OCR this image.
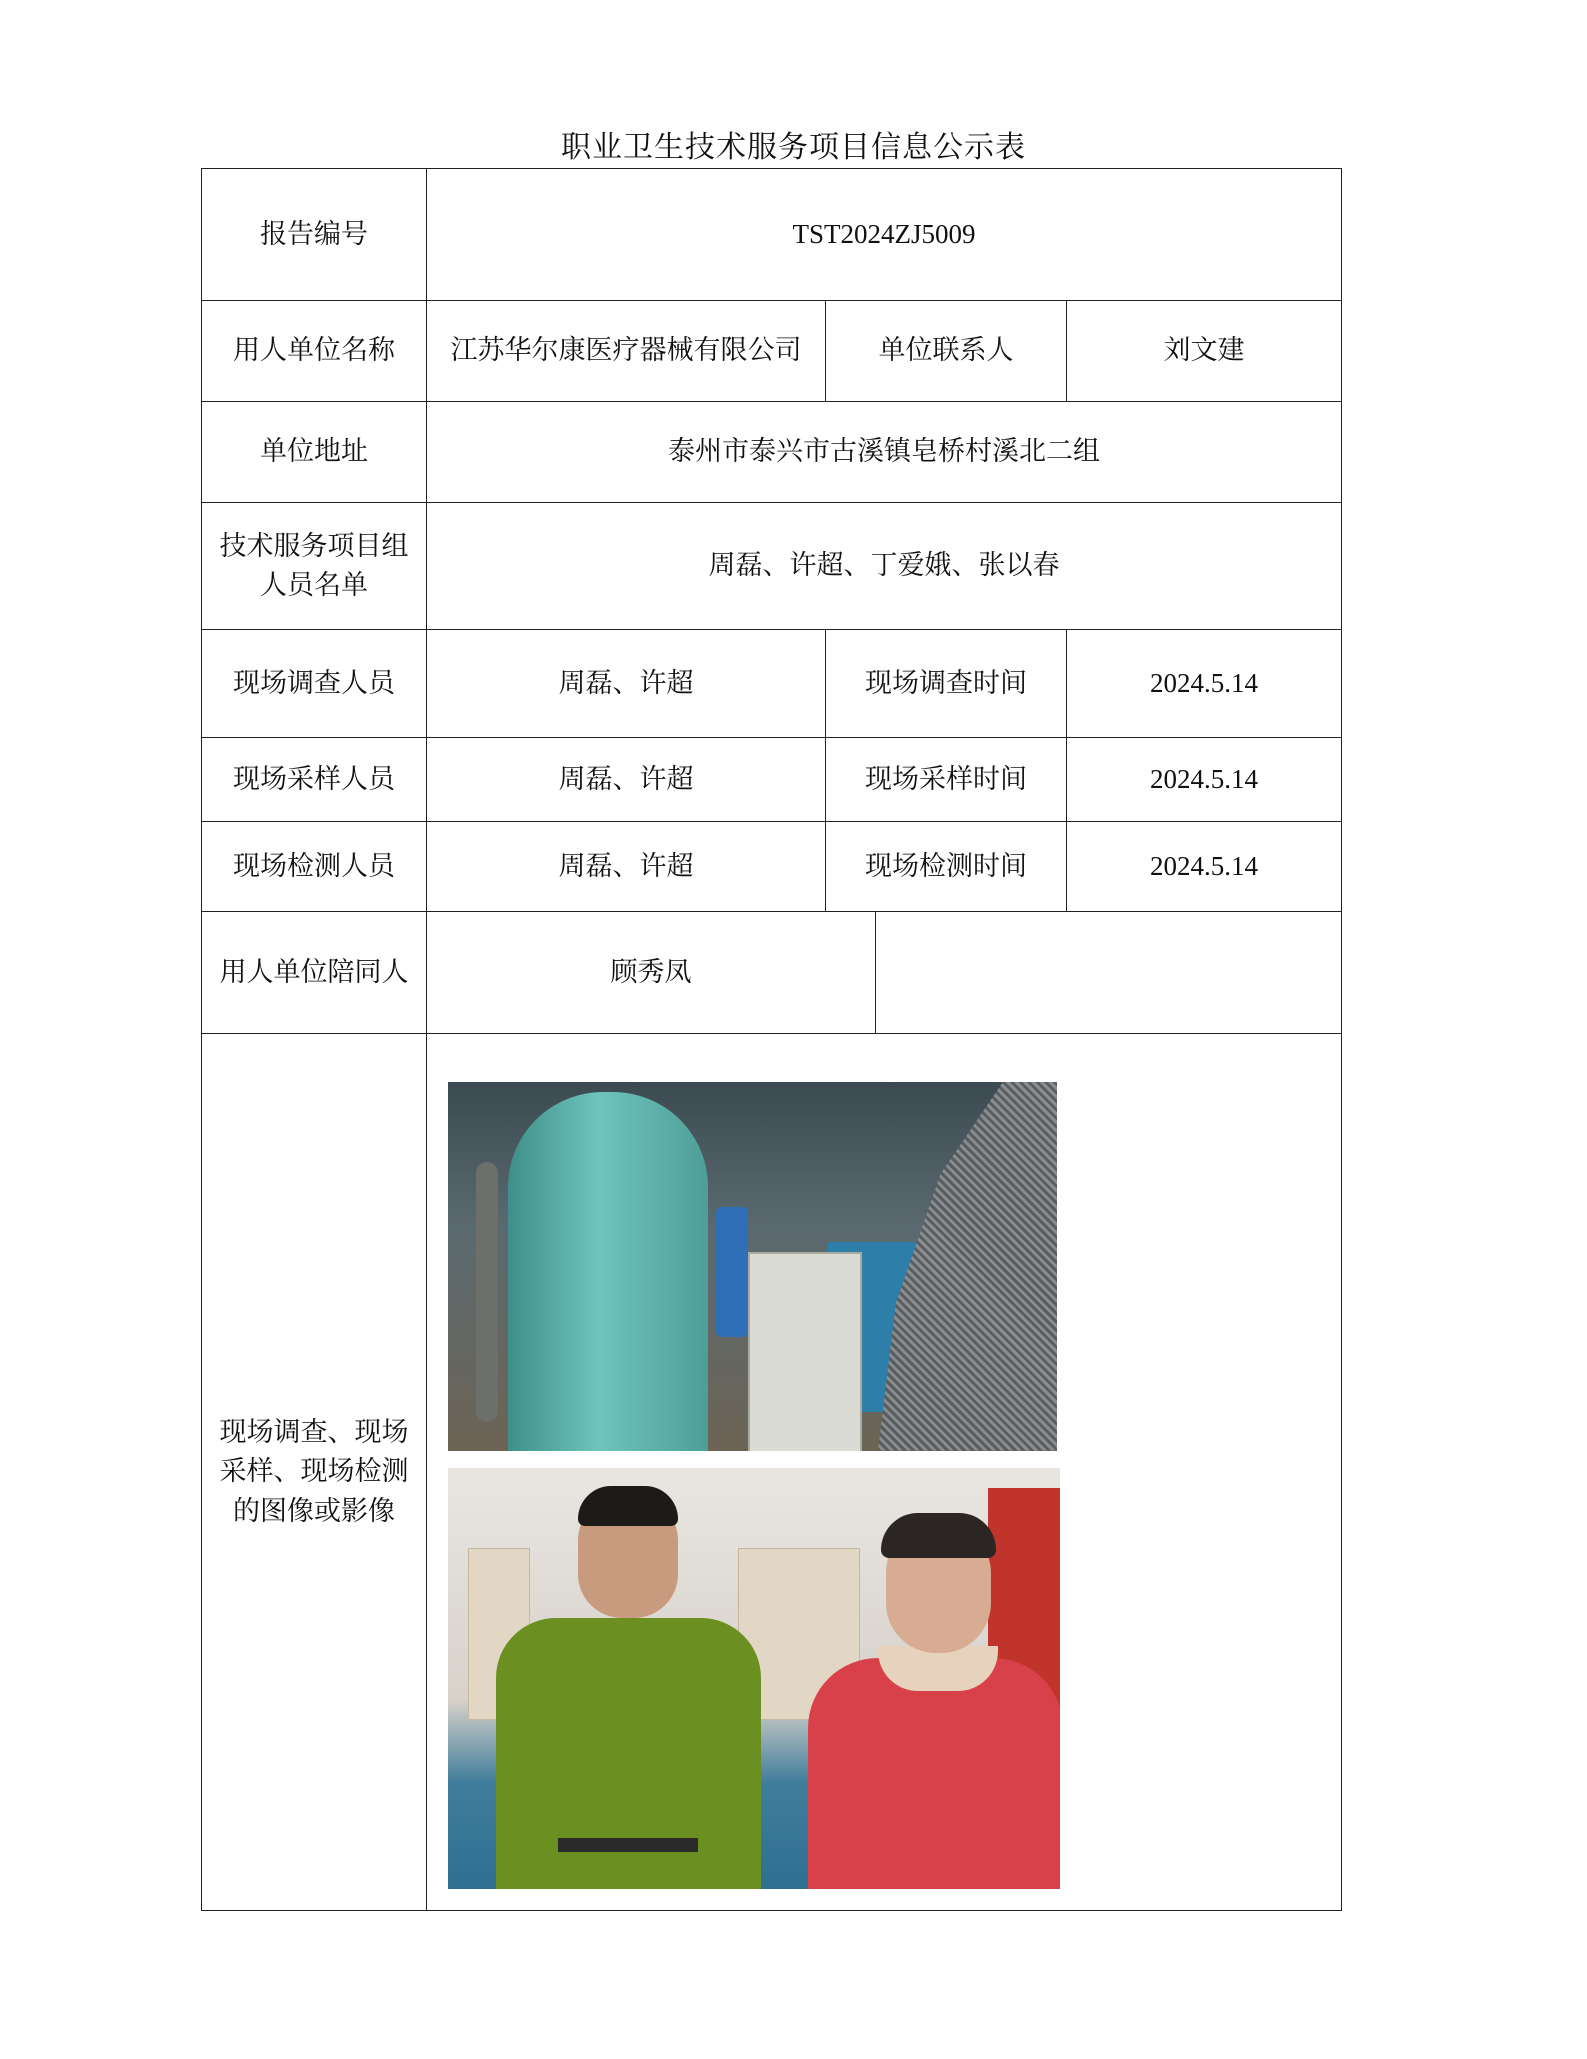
职业卫生技术服务项目信息公示表
报告编号	TST2024ZJ5009			
用人单位名称	江苏华尔康医疗器械有限公司	单位联系人		刘文建
单位地址	泰州市泰兴市古溪镇皂桥村溪北二组			
技术服务项目组人员名单	周磊、许超、丁爱娥、张以春			
现场调查人员	周磊、许超	现场调查时间		2024.5.14
现场采样人员	周磊、许超	现场采样时间		2024.5.14
现场检测人员	周磊、许超	现场检测时间		2024.5.14
用人单位陪同人	顾秀凤			
现场调查、现场采样、现场检测的图像或影像				
